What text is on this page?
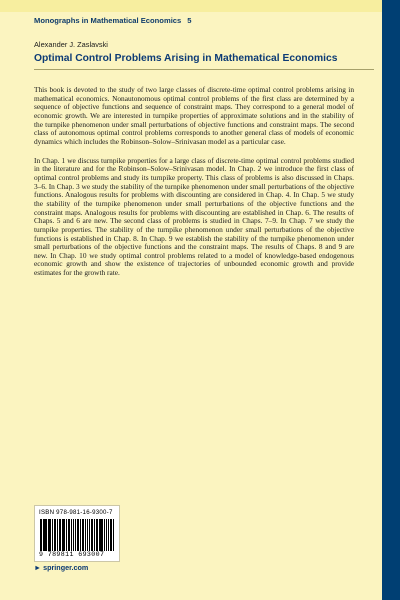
Monographs in Mathematical Economics 5
Alexander J. Zaslavski
Optimal Control Problems Arising in Mathematical Economics

This book is devoted to the study of two large classes of discrete-time optimal control problems arising in mathematical economics. Nonautonomous optimal control problems of the first class are determined by a sequence of objective functions and sequence of constraint maps. They correspond to a general model of economic growth. We are interested in turnpike properties of approximate solutions and in the stability of the turnpike phenomenon under small perturbations of objective functions and constraint maps. The second class of autonomous optimal control problems corresponds to another general class of models of economic dynamics which includes the Robinson–Solow–Srinivasan model as a particular case.

In Chap. 1 we discuss turnpike properties for a large class of discrete-time optimal control problems studied in the literature and for the Robinson–Solow–Srinivasan model. In Chap. 2 we introduce the first class of optimal control problems and study its turnpike property. This class of problems is also discussed in Chaps. 3–6. In Chap. 3 we study the stability of the turnpike phenomenon under small perturbations of the objective functions. Analogous results for problems with discounting are considered in Chap. 4. In Chap. 5 we study the stability of the turnpike phenomenon under small perturbations of the objective functions and the constraint maps. Analogous results for problems with discounting are established in Chap. 6. The results of Chaps. 5 and 6 are new. The second class of problems is studied in Chaps. 7–9. In Chap. 7 we study the turnpike properties. The stability of the turnpike phenomenon under small perturbations of the objective functions is established in Chap. 8. In Chap. 9 we establish the stability of the turnpike phenomenon under small perturbations of the objective functions and the constraint maps. The results of Chaps. 8 and 9 are new. In Chap. 10 we study optimal control problems related to a model of knowledge-based endogenous economic growth and show the existence of trajectories of unbounded economic growth and provide estimates for the growth rate.

ISBN 978-981-16-9300-7
9 789811 693007
► springer.com
